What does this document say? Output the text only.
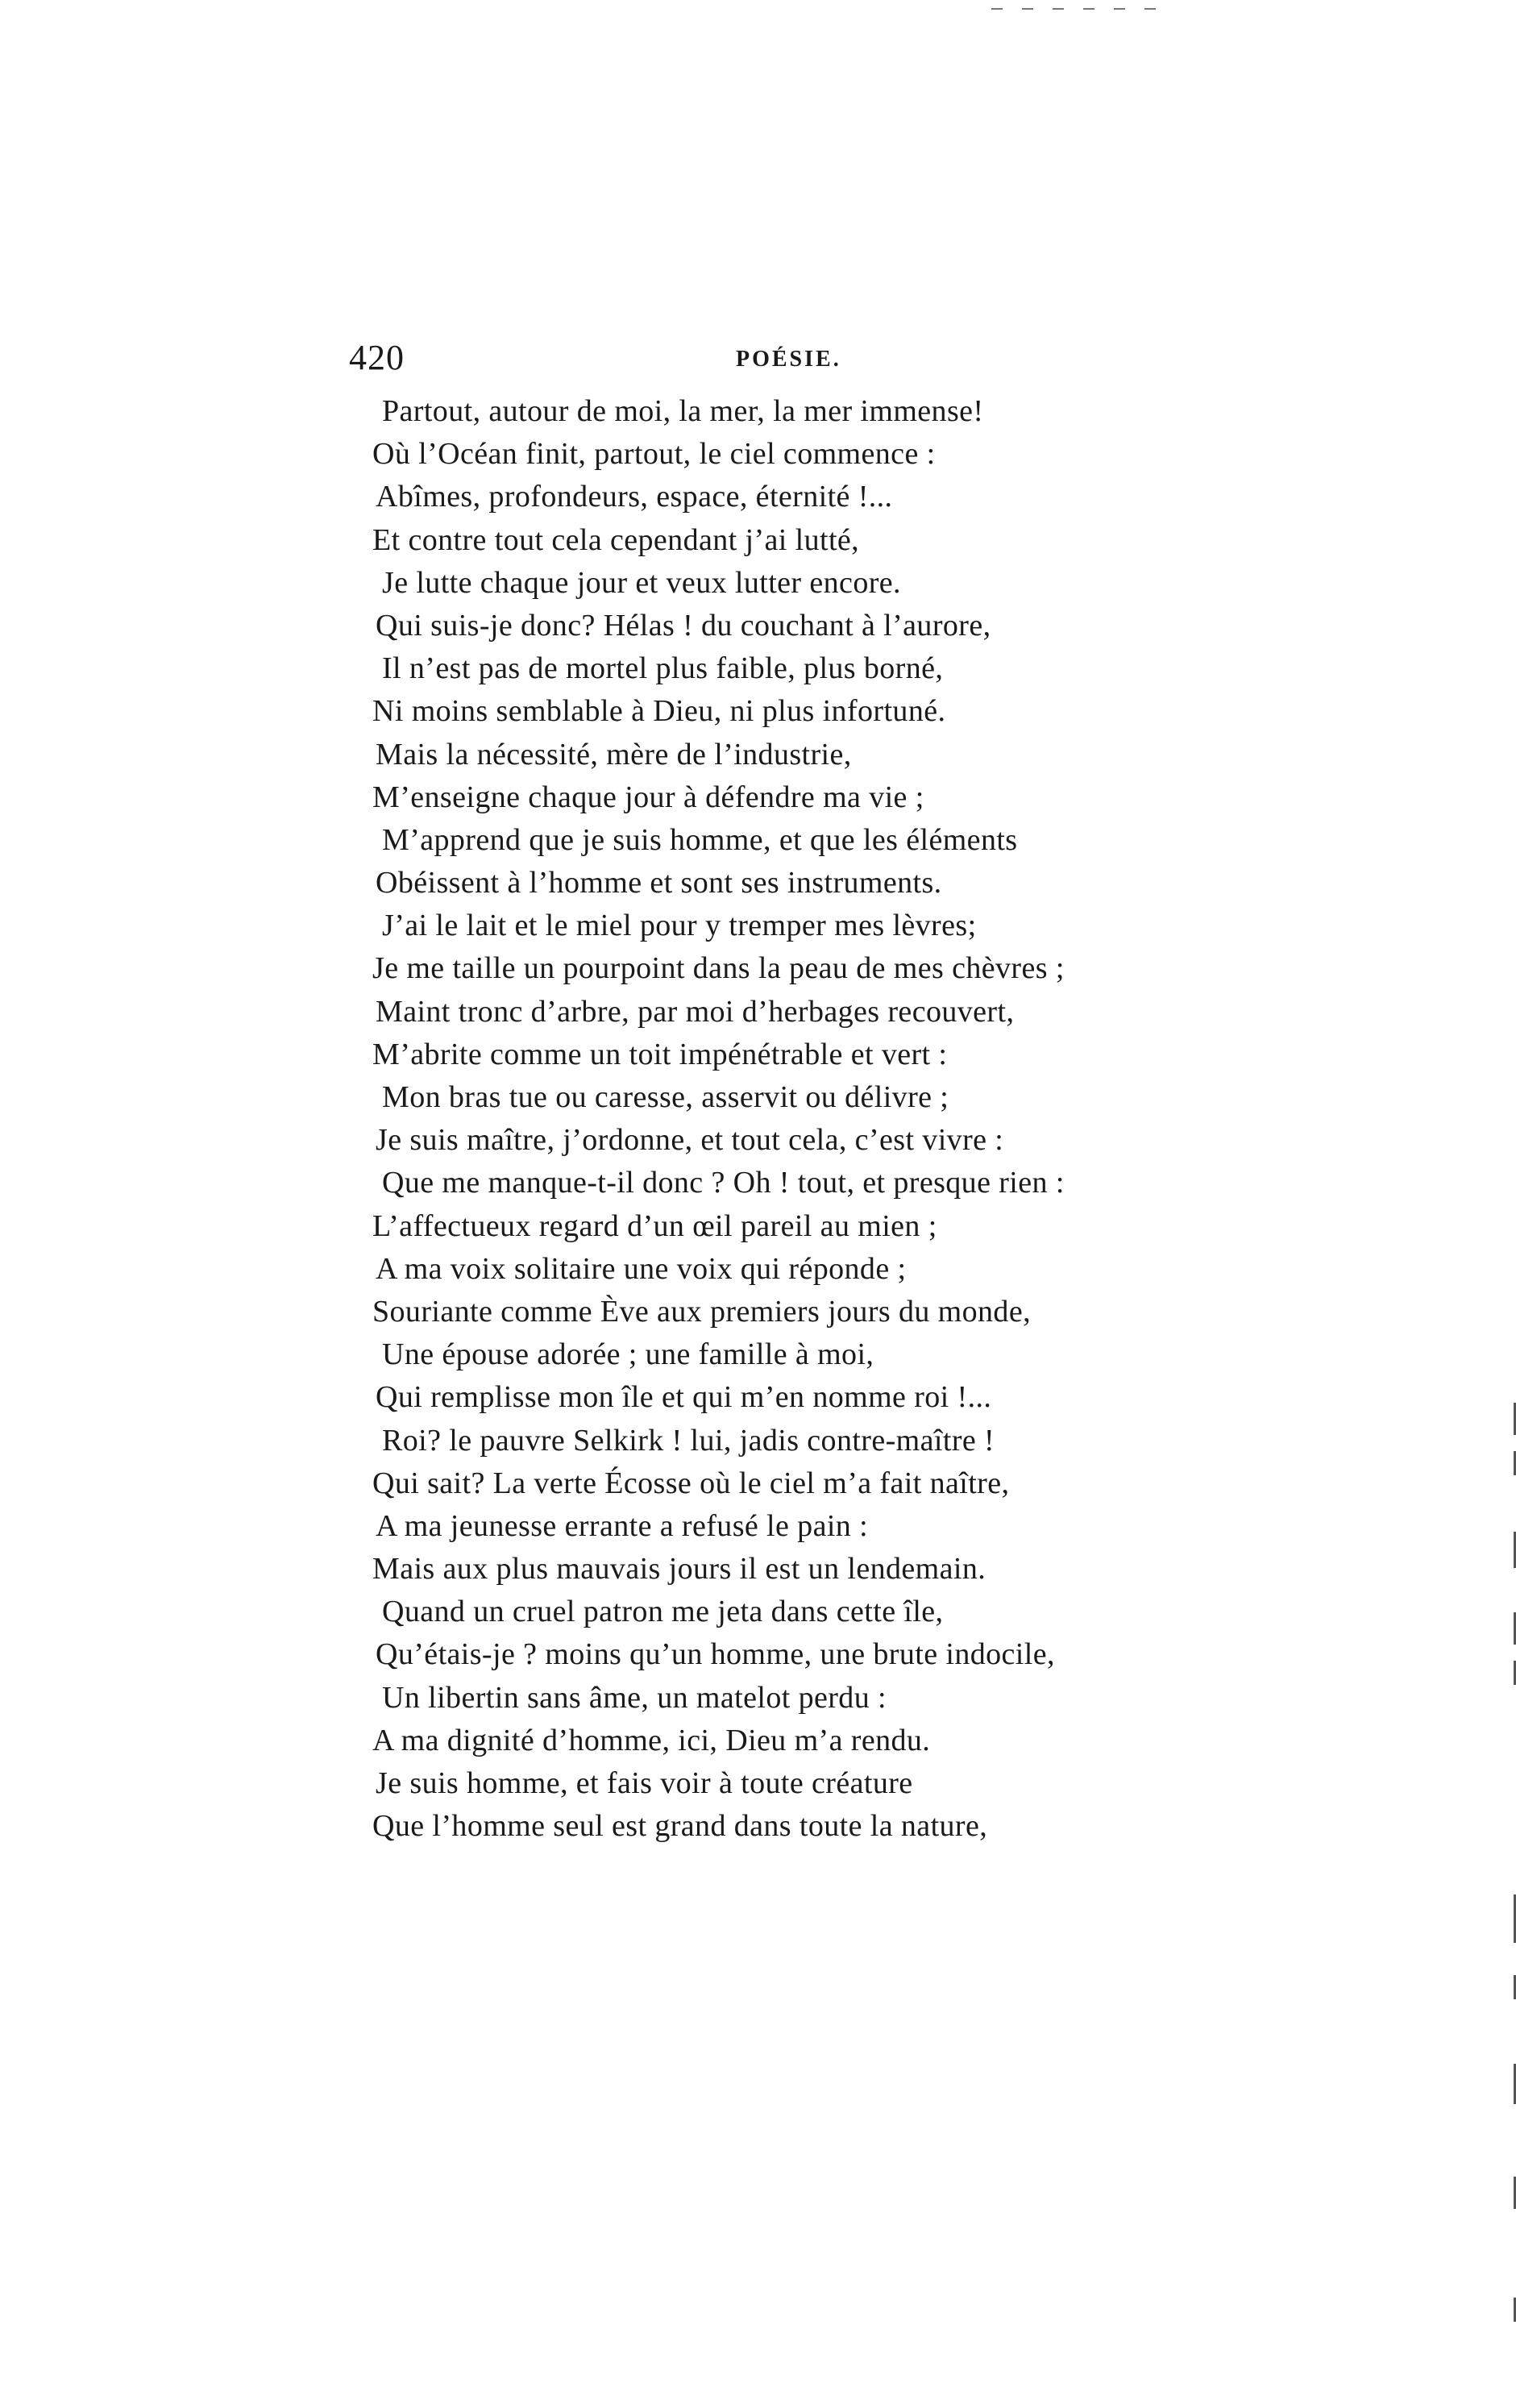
420	POÉSIE.
Partout, autour de moi, la mer, la mer immense!
Où l’Océan finit, partout, le ciel commence :
Abîmes, profondeurs, espace, éternité !...
Et contre tout cela cependant j’ai lutté,
Je lutte chaque jour et veux lutter encore.
Qui suis-je donc? Hélas ! du couchant à l’aurore,
Il n’est pas de mortel plus faible, plus borné,
Ni moins semblable à Dieu, ni plus infortuné.
Mais la nécessité, mère de l’industrie,
M’enseigne chaque jour à défendre ma vie ;
M’apprend que je suis homme, et que les éléments
Obéissent à l’homme et sont ses instruments.
J’ai le lait et le miel pour y tremper mes lèvres;
Je me taille un pourpoint dans la peau de mes chèvres ;
Maint tronc d’arbre, par moi d’herbages recouvert,
M’abrite comme un toit impénétrable et vert :
Mon bras tue ou caresse, asservit ou délivre ;
Je suis maître, j’ordonne, et tout cela, c’est vivre :
Que me manque-t-il donc ? Oh ! tout, et presque rien :
L’affectueux regard d’un œil pareil au mien ;
A ma voix solitaire une voix qui réponde ;
Souriante comme Ève aux premiers jours du monde,
Une épouse adorée ; une famille à moi,
Qui remplisse mon île et qui m’en nomme roi !...
Roi? le pauvre Selkirk ! lui, jadis contre-maître !
Qui sait? La verte Écosse où le ciel m’a fait naître,
A ma jeunesse errante a refusé le pain :
Mais aux plus mauvais jours il est un lendemain.
Quand un cruel patron me jeta dans cette île,
Qu’étais-je ? moins qu’un homme, une brute indocile,
Un libertin sans âme, un matelot perdu :
A ma dignité d’homme, ici, Dieu m’a rendu.
Je suis homme, et fais voir à toute créature
Que l’homme seul est grand dans toute la nature,
